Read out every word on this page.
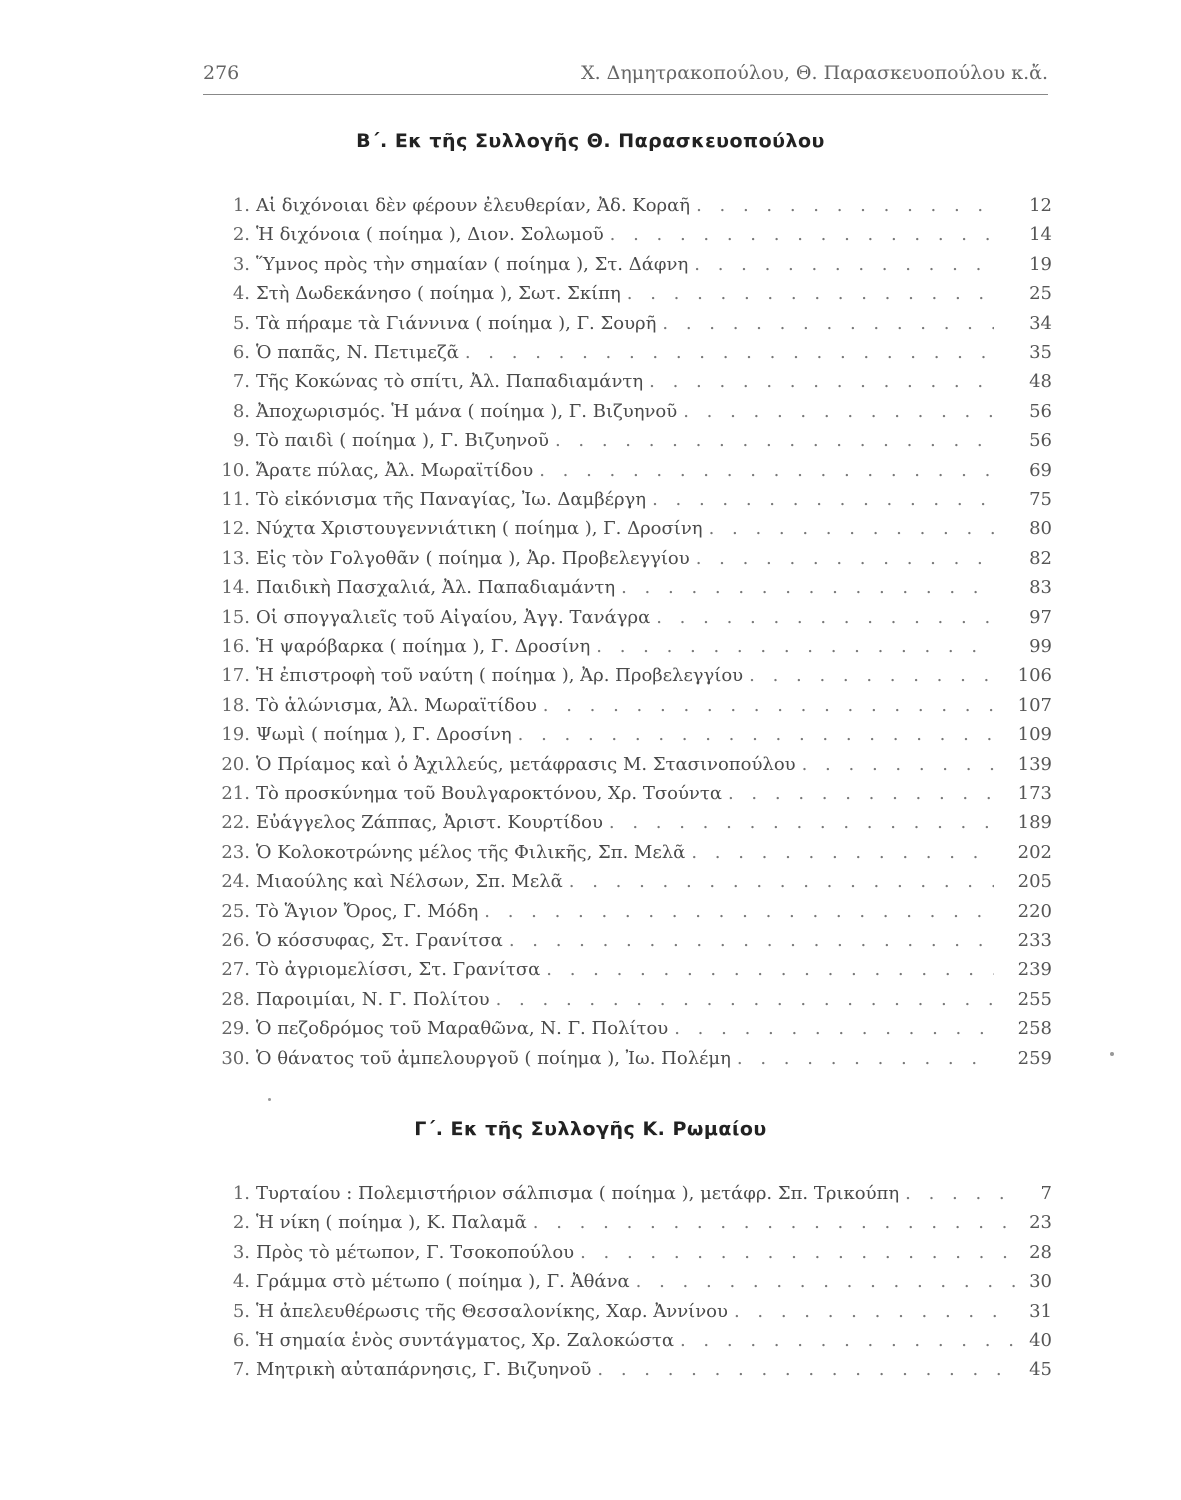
276	Χ. Δημητρακοπούλου, Θ. Παρασκευοπούλου κ.ἄ.
Β΄. Εκ τῆς Συλλογῆς Θ. Παρασκευοπούλου
1. Αἱ διχόνοιαι δὲν φέρουν ἐλευθερίαν, Ἀδ. Κοραῆ . . .	12
2. Ἡ διχόνοια ( ποίημα ), Διον. Σολωμοῦ . . .	14
3. Ὕμνος πρὸς τὴν σημαίαν ( ποίημα ), Στ. Δάφνη . . .	19
4. Στὴ Δωδεκάνησο ( ποίημα ), Σωτ. Σκίπη . . .	25
5. Τὰ πήραμε τὰ Γιάννινα ( ποίημα ), Γ. Σουρῆ . . .	34
6. Ὁ παπᾶς, Ν. Πετιμεζᾶ . . .	35
7. Τῆς Κοκώνας τὸ σπίτι, Ἀλ. Παπαδιαμάντη . . .	48
8. Ἀποχωρισμός. Ἡ μάνα ( ποίημα ), Γ. Βιζυηνοῦ . . .	56
9. Τὸ παιδὶ ( ποίημα ), Γ. Βιζυηνοῦ . . .	56
10. Ἄρατε πύλας, Ἀλ. Μωραϊτίδου . . .	69
11. Τὸ εἰκόνισμα τῆς Παναγίας, Ἰω. Δαμβέργη . . .	75
12. Νύχτα Χριστουγεννιάτικη ( ποίημα ), Γ. Δροσίνη . . .	80
13. Εἰς τὸν Γολγοθᾶν ( ποίημα ), Ἀρ. Προβελεγγίου . . .	82
14. Παιδικὴ Πασχαλιά, Ἀλ. Παπαδιαμάντη . . .	83
15. Οἱ σπογγαλιεῖς τοῦ Αἰγαίου, Ἀγγ. Τανάγρα . . .	97
16. Ἡ ψαρόβαρκα ( ποίημα ), Γ. Δροσίνη . . .	99
17. Ἡ ἐπιστροφὴ τοῦ ναύτη ( ποίημα ), Ἀρ. Προβελεγγίου . . .	106
18. Τὸ ἁλώνισμα, Ἀλ. Μωραϊτίδου . . .	107
19. Ψωμὶ ( ποίημα ), Γ. Δροσίνη . . .	109
20. Ὁ Πρίαμος καὶ ὁ Ἀχιλλεύς, μετάφρασις Μ. Στασινοπούλου . . .	139
21. Τὸ προσκύνημα τοῦ Βουλγαροκτόνου, Χρ. Τσούντα . . .	173
22. Εὐάγγελος Ζάππας, Ἀριστ. Κουρτίδου . . .	189
23. Ὁ Κολοκοτρώνης μέλος τῆς Φιλικῆς, Σπ. Μελᾶ . . .	202
24. Μιαούλης καὶ Νέλσων, Σπ. Μελᾶ . . .	205
25. Τὸ Ἅγιον Ὄρος, Γ. Μόδη . . .	220
26. Ὁ κόσσυφας, Στ. Γρανίτσα . . .	233
27. Τὸ ἀγριομελίσσι, Στ. Γρανίτσα . . .	239
28. Παροιμίαι, Ν. Γ. Πολίτου . . .	255
29. Ὁ πεζοδρόμος τοῦ Μαραθῶνα, Ν. Γ. Πολίτου . . .	258
30. Ὁ θάνατος τοῦ ἀμπελουργοῦ ( ποίημα ), Ἰω. Πολέμη . . .	259
Γ΄. Εκ τῆς Συλλογῆς Κ. Ρωμαίου
1. Τυρταίου : Πολεμιστήριον σάλπισμα ( ποίημα ), μετάφρ. Σπ. Τρικούπη . . .	7
2. Ἡ νίκη ( ποίημα ), Κ. Παλαμᾶ . . .	23
3. Πρὸς τὸ μέτωπον, Γ. Τσοκοπούλου . . .	28
4. Γράμμα στὸ μέτωπο ( ποίημα ), Γ. Ἀθάνα . . .	30
5. Ἡ ἀπελευθέρωσις τῆς Θεσσαλονίκης, Χαρ. Ἀννίνου . . .	31
6. Ἡ σημαία ἑνὸς συντάγματος, Χρ. Ζαλοκώστα . . .	40
7. Μητρικὴ αὐταπάρνησις, Γ. Βιζυηνοῦ . . .	45
